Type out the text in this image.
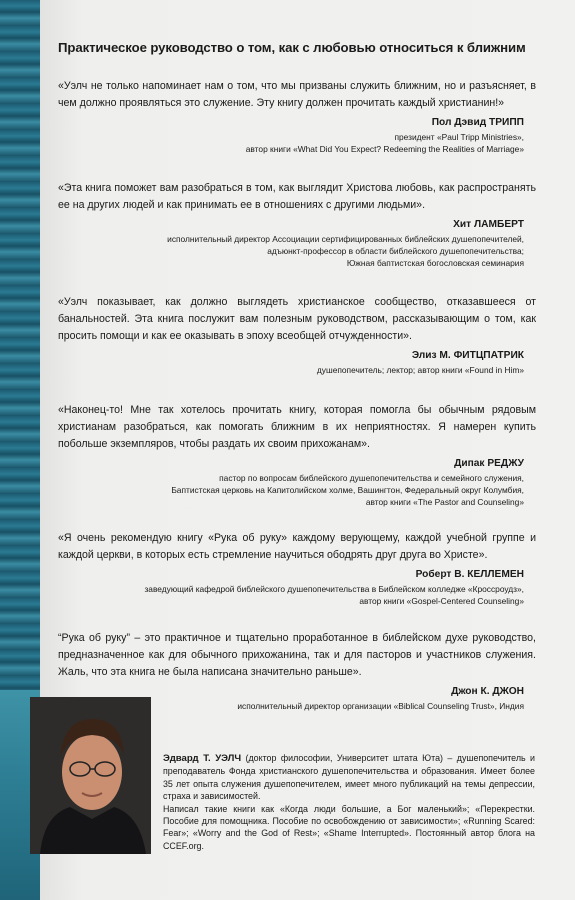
Практическое руководство о том, как с любовью относиться к ближним

«Уэлч не только напоминает нам о том, что мы призваны служить ближним, но и разъясняет, в чем должно проявляться это служение. Эту книгу должен прочитать каждый христианин!»

Пол Дэвид ТРИПП
президент «Paul Tripp Ministries»,
автор книги «What Did You Expect? Redeeming the Realities of Marriage»

«Эта книга поможет вам разобраться в том, как выглядит Христова любовь, как распространять ее на других людей и как принимать ее в отношениях с другими людьми».

Хит ЛАМБЕРТ
исполнительный директор Ассоциации сертифицированных библейских душепопечителей,
адъюнкт-профессор в области библейского душепопечительства;
Южная баптистская богословская семинария

«Уэлч показывает, как должно выглядеть христианское сообщество, отказавшееся от банальностей. Эта книга послужит вам полезным руководством, рассказывающим о том, как просить помощи и как ее оказывать в эпоху всеобщей отчужденности».

Элиз М. ФИТЦПАТРИК
душепопечитель; лектор; автор книги «Found in Him»

«Наконец-то! Мне так хотелось прочитать книгу, которая помогла бы обычным рядовым христианам разобраться, как помогать ближним в их неприятностях. Я намерен купить побольше экземпляров, чтобы раздать их своим прихожанам».

Дипак РЕДЖУ
пастор по вопросам библейского душепопечительства и семейного служения,
Баптистская церковь на Капитолийском холме, Вашингтон, Федеральный округ Колумбия,
автор книги «The Pastor and Counseling»

«Я очень рекомендую книгу «Рука об руку» каждому верующему, каждой учебной группе и каждой церкви, в которых есть стремление научиться ободрять друг друга во Христе».

Роберт В. КЕЛЛЕМЕН
заведующий кафедрой библейского душепопечительства в Библейском колледже «Кроссроудз»,
автор книги «Gospel-Centered Counseling»

“Рука об руку” – это практичное и тщательно проработанное в библейском духе руководство, предназначенное как для обычного прихожанина, так и для пасторов и участников служения. Жаль, что эта книга не была написана значительно раньше».

Джон К. ДЖОН
исполнительный директор организации «Biblical Counseling Trust», Индия

Эдвард Т. УЭЛЧ (доктор философии, Университет штата Юта) – душепопечитель и преподаватель Фонда христианского душепопечительства и образования. Имеет более 35 лет опыта служения душепопечителем, имеет много публикаций на темы депрессии, страха и зависимостей.

Написал такие книги как «Когда люди большие, а Бог маленький»; «Перекрестки. Пособие для помощника. Пособие по освобождению от зависимости»; «Running Scared: Fear»; «Worry and the God of Rest»; «Shame Interrupted». Постоянный автор блога на CCEF.org.
